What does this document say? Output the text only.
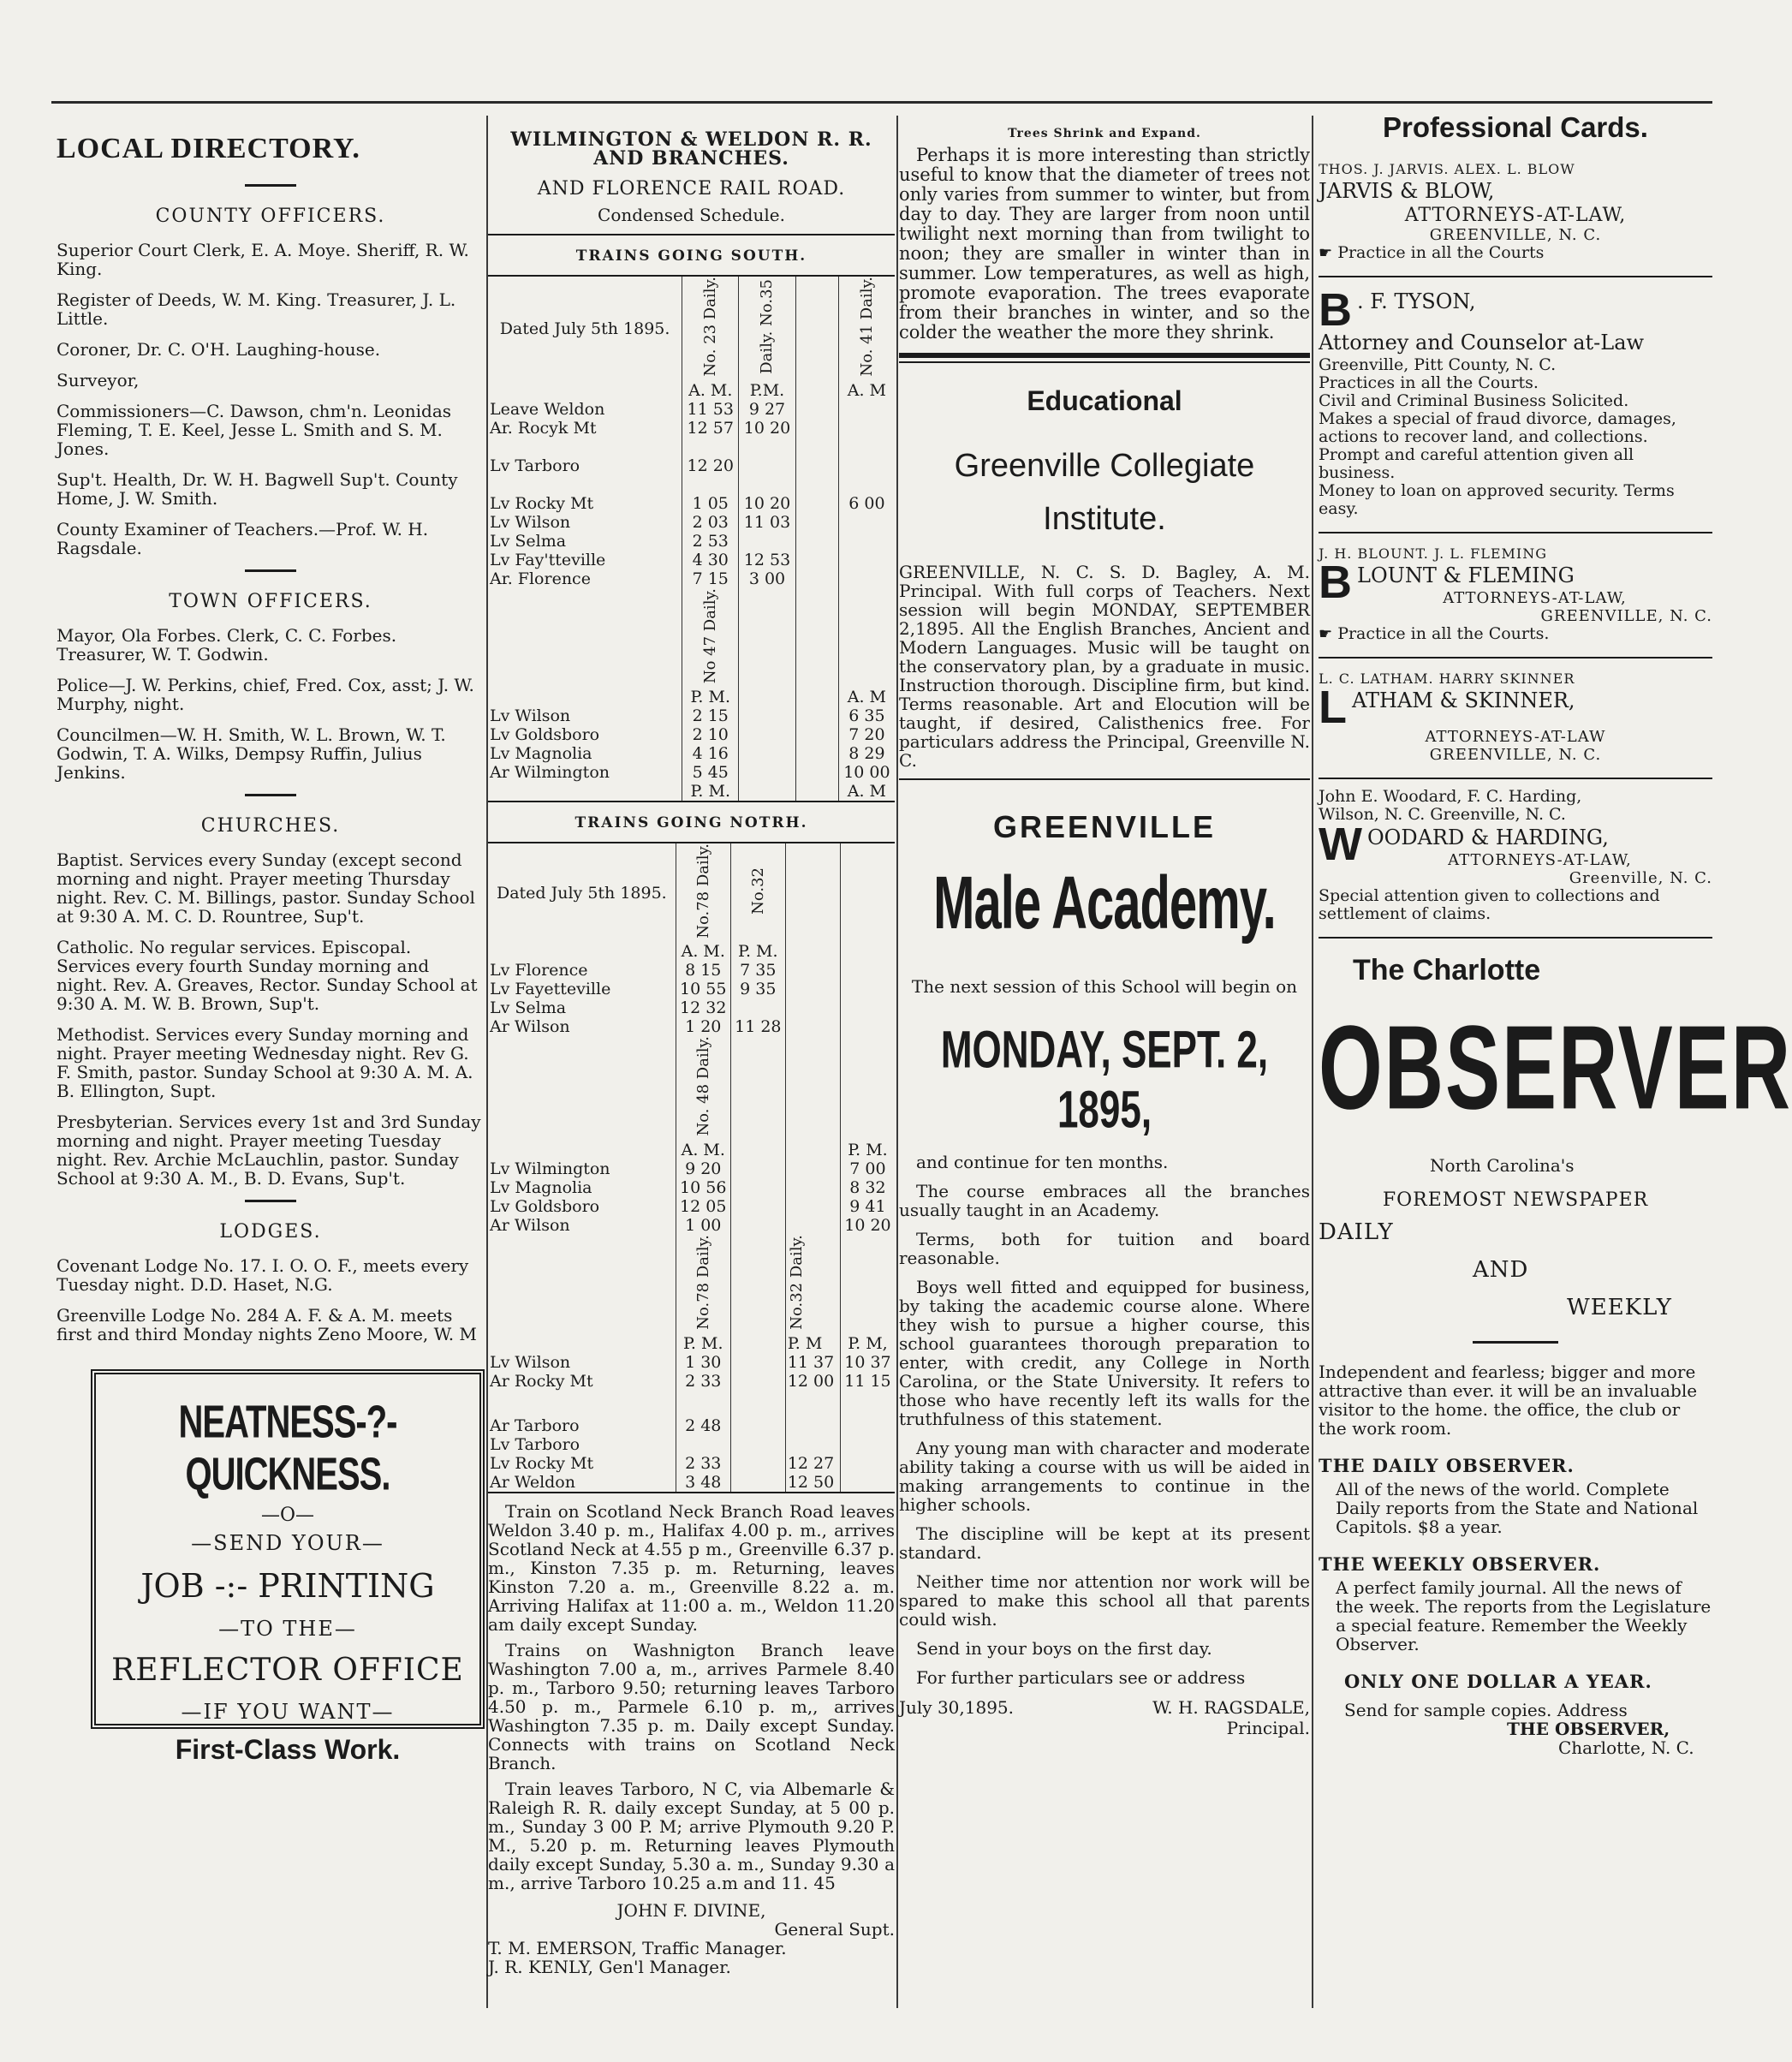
LOCAL DIRECTORY.
COUNTY OFFICERS.
Superior Court Clerk, E. A. Moye. Sheriff, R. W. King.
Register of Deeds, W. M. King. Treasurer, J. L. Little.
Coroner, Dr. C. O'H. Laughing-house.
Surveyor,
Commissioners—C. Dawson, chm'n. Leonidas Fleming, T. E. Keel, Jesse L. Smith and S. M. Jones.
Sup't. Health, Dr. W. H. Bagwell Sup't. County Home, J. W. Smith.
County Examiner of Teachers.—Prof. W. H. Ragsdale.
TOWN OFFICERS.
Mayor, Ola Forbes. Clerk, C. C. Forbes. Treasurer, W. T. Godwin.
Police—J. W. Perkins, chief, Fred. Cox, asst; J. W. Murphy, night.
Councilmen—W. H. Smith, W. L. Brown, W. T. Godwin, T. A. Wilks, Dempsy Ruffin, Julius Jenkins.
CHURCHES.
Baptist. Services every Sunday (except second morning and night. Prayer meeting Thursday night. Rev. C. M. Billings, pastor. Sunday School at 9:30 A. M. C. D. Rountree, Sup't.
Catholic. No regular services. Episcopal. Services every fourth Sunday morning and night. Rev. A. Greaves, Rector. Sunday School at 9:30 A. M. W. B. Brown, Sup't.
Methodist. Services every Sunday morning and night. Prayer meeting Wednesday night. Rev G. F. Smith, pastor. Sunday School at 9:30 A. M. A. B. Ellington, Supt.
Presbyterian. Services every 1st and 3rd Sunday morning and night. Prayer meeting Tuesday night. Rev. Archie McLauchlin, pastor. Sunday School at 9:30 A. M., B. D. Evans, Sup't.
LODGES.
Covenant Lodge No. 17. I. O. O. F., meets every Tuesday night. D.D. Haset, N.G.
Greenville Lodge No. 284 A. F. & A. M. meets first and third Monday nights Zeno Moore, W. M
NEATNESS-?-QUICKNESS.
—O—
—SEND YOUR—
JOB -:- PRINTING
—TO THE—
REFLECTOR OFFICE
—IF YOU WANT—
First-Class Work.
WILMINGTON & WELDON R. R. AND BRANCHES.
AND FLORENCE RAIL ROAD.
Condensed Schedule.
TRAINS GOING SOUTH.
Dated July 5th 1895.	No. 23 Daily.	Daily. No.35		No. 41 Daily.
	A. M.	P.M.		A. M
Leave Weldon	11 53	9 27		
Ar. Rocyk Mt	12 57	10 20		

Lv Tarboro	12 20			

Lv Rocky Mt	1 05	10 20		6 00
Lv Wilson	2 03	11 03		
Lv Selma	2 53			
Lv Fay'tteville	4 30	12 53		
Ar. Florence	7 15	3 00		
	No 47 Daily.			
	P. M.			A. M
Lv Wilson	2 15			6 35
Lv Goldsboro	2 10			7 20
Lv Magnolia	4 16			8 29
Ar Wilmington	5 45			10 00
	P. M.			A. M
TRAINS GOING NOTRH.
Dated July 5th 1895.	No.78 Daily.	No.32		
	A. M.	P. M.		
Lv Florence	8 15	7 35		
Lv Fayetteville	10 55	9 35		
Lv Selma	12 32			
Ar Wilson	1 20	11 28		
	No. 48 Daily.			
	A. M.			P. M.
Lv Wilmington	9 20			7 00
Lv Magnolia	10 56			8 32
Lv Goldsboro	12 05			9 41
Ar Wilson	1 00			10 20
	No.78 Daily.		No.32 Daily.	
	P. M.		P. M	P. M,
Lv Wilson	1 30		11 37	10 37
Ar Rocky Mt	2 33		12 00	11 15

Ar Tarboro	2 48			
Lv Tarboro				
Lv Rocky Mt	2 33		12 27	
Ar Weldon	3 48		12 50	

Train on Scotland Neck Branch Road leaves Weldon 3.40 p. m., Halifax 4.00 p. m., arrives Scotland Neck at 4.55 p m., Greenville 6.37 p. m., Kinston 7.35 p. m. Returning, leaves Kinston 7.20 a. m., Greenville 8.22 a. m. Arriving Halifax at 11:00 a. m., Weldon 11.20 am daily except Sunday.

Trains on Washnigton Branch leave Washington 7.00 a, m., arrives Parmele 8.40 p. m., Tarboro 9.50; returning leaves Tarboro 4.50 p. m., Parmele 6.10 p. m,, arrives Washington 7.35 p. m. Daily except Sunday. Connects with trains on Scotland Neck Branch.

Train leaves Tarboro, N C, via Albemarle & Raleigh R. R. daily except Sunday, at 5 00 p. m., Sunday 3 00 P. M; arrive Plymouth 9.20 P. M., 5.20 p. m. Returning leaves Plymouth daily except Sunday, 5.30 a. m., Sunday 9.30 a m., arrive Tarboro 10.25 a.m and 11. 45

JOHN F. DIVINE,
General Supt.
T. M. EMERSON, Traffic Manager.
J. R. KENLY, Gen'l Manager.
Trees Shrink and Expand.

Perhaps it is more interesting than strictly useful to know that the diameter of trees not only varies from summer to winter, but from day to day. They are larger from noon until twilight next morning than from twilight to noon; they are smaller in winter than in summer. Low temperatures, as well as high, promote evaporation. The trees evaporate from their branches in winter, and so the colder the weather the more they shrink.

Educational
Greenville Collegiate Institute.

GREENVILLE, N. C. S. D. Bagley, A. M. Principal. With full corps of Teachers. Next session will begin MONDAY, SEPTEMBER 2,1895. All the English Branches, Ancient and Modern Languages. Music will be taught on the conservatory plan, by a graduate in music. Instruction thorough. Discipline firm, but kind. Terms reasonable. Art and Elocution will be taught, if desired, Calisthenics free. For particulars address the Principal, Greenville N. C.

GREENVILLE
Male Academy.
The next session of this School will begin on
MONDAY, SEPT. 2, 1895,

and continue for ten months.

The course embraces all the branches usually taught in an Academy.

Terms, both for tuition and board reasonable.

Boys well fitted and equipped for business, by taking the academic course alone. Where they wish to pursue a higher course, this school guarantees thorough preparation to enter, with credit, any College in North Carolina, or the State University. It refers to those who have recently left its walls for the truthfulness of this statement.

Any young man with character and moderate ability taking a course with us will be aided in making arrangements to continue in the higher schools.

The discipline will be kept at its present standard.

Neither time nor attention nor work will be spared to make this school all that parents could wish.

Send in your boys on the first day.

For further particulars see or address

July 30,1895.	W. H. RAGSDALE,
Principal.
Professional Cards.
THOS. J. JARVIS. ALEX. L. BLOW
JARVIS & BLOW,
ATTORNEYS-AT-LAW,
GREENVILLE, N. C.

☛ Practice in all the Courts

B . F. TYSON,
Attorney and Counselor at-Law

Greenville, Pitt County, N. C.

Practices in all the Courts.

Civil and Criminal Business Solicited.

Makes a special of fraud divorce, damages, actions to recover land, and collections.

Prompt and careful attention given all business.

Money to loan on approved security. Terms easy.

J. H. BLOUNT. J. L. FLEMING
B LOUNT & FLEMING
ATTORNEYS-AT-LAW,
GREENVILLE, N. C.

☛ Practice in all the Courts.

L. C. LATHAM. HARRY SKINNER
L ATHAM & SKINNER,
ATTORNEYS-AT-LAW
GREENVILLE, N. C.

John E. Woodard, F. C. Harding,

Wilson, N. C. Greenville, N. C.

W OODARD & HARDING,
ATTORNEYS-AT-LAW,
Greenville, N. C.

Special attention given to collections and settlement of claims.

The Charlotte
OBSERVER
North Carolina's
FOREMOST NEWSPAPER
DAILY
AND
WEEKLY

Independent and fearless; bigger and more attractive than ever. it will be an invaluable visitor to the home. the office, the club or the work room.

THE DAILY OBSERVER.

All of the news of the world. Complete Daily reports from the State and National Capitols. $8 a year.

THE WEEKLY OBSERVER.

A perfect family journal. All the news of the week. The reports from the Legislature a special feature. Remember the Weekly Observer.

ONLY ONE DOLLAR A YEAR.

Send for sample copies. Address

THE OBSERVER,

Charlotte, N. C.
